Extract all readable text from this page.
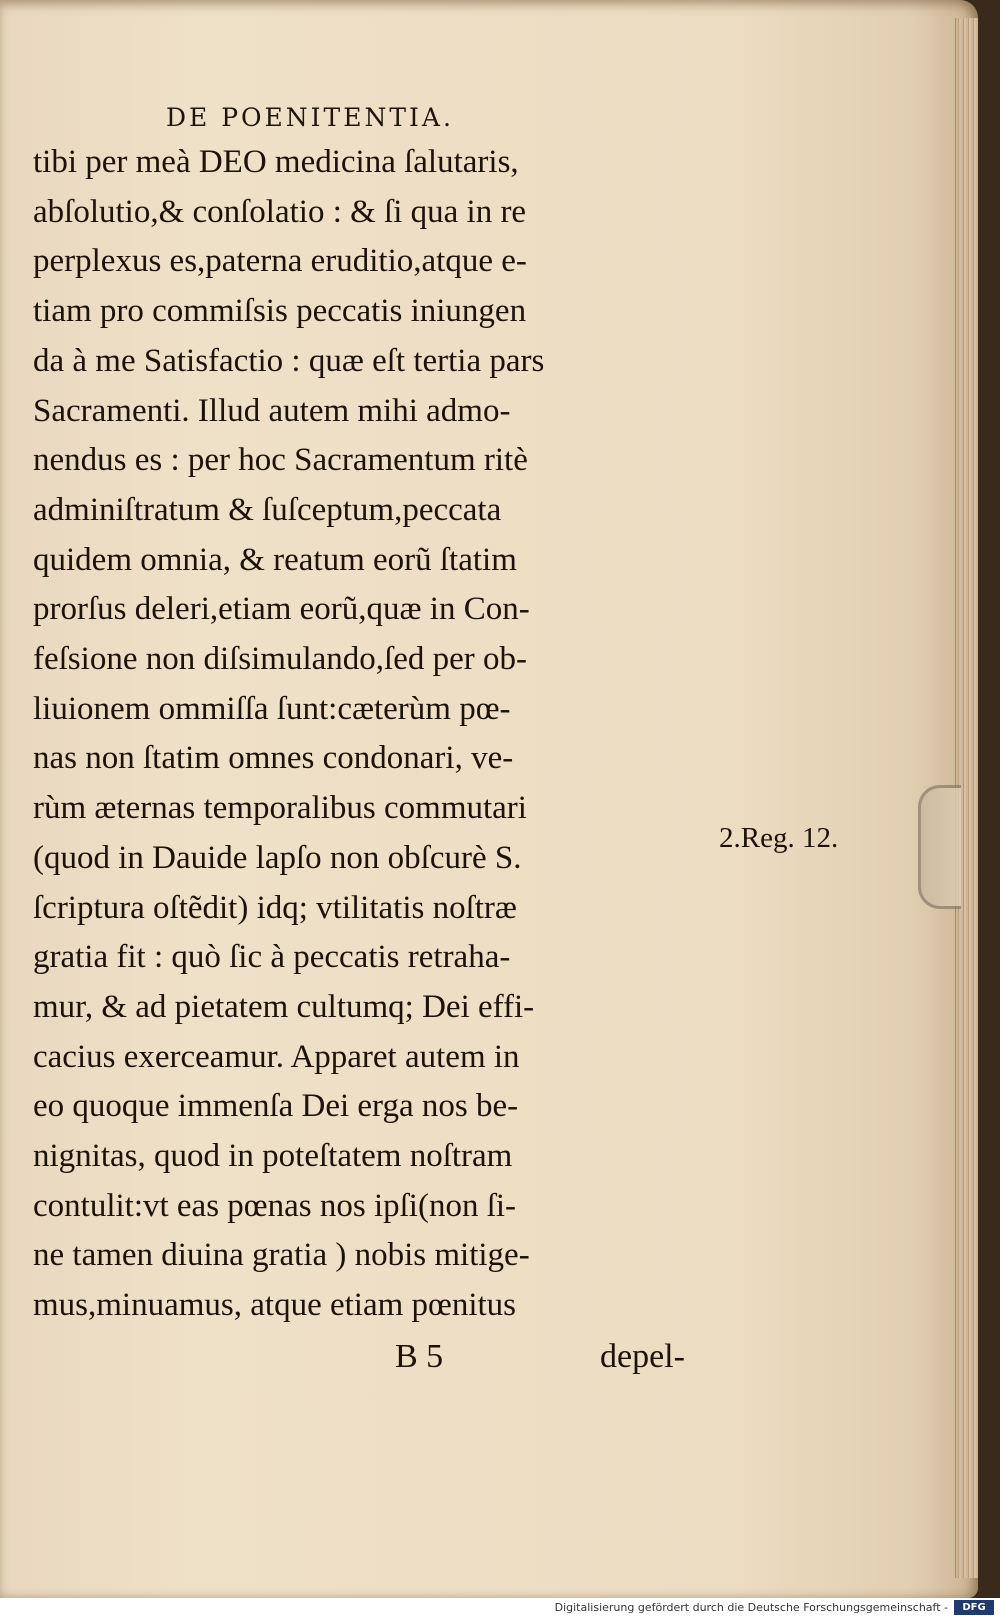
DE POENITENTIA.
tibi per meà DEO medicina ſalutaris,
abſolutio,& conſolatio : & ſi qua in re
perplexus es,paterna eruditio,atque e-
tiam pro commiſsis peccatis iniungen
da à me Satisfactio : quæ eſt tertia pars
Sacramenti. Illud autem mihi admo-
nendus es : per hoc Sacramentum ritè
adminiſtratum & ſuſceptum,peccata
quidem omnia, & reatum eorũ ſtatim
prorſus deleri,etiam eorũ,quæ in Con-
feſsione non diſsimulando,ſed per ob-
liuionem ommiſſa ſunt:cæterùm pœ-
nas non ſtatim omnes condonari, ve-
rùm æternas temporalibus commutari
(quod in Dauide lapſo non obſcurè S.
ſcriptura oſtẽdit) idq; vtilitatis noſtræ
gratia fit : quò ſic à peccatis retraha-
mur, & ad pietatem cultumq; Dei effi-
cacius exerceamur. Apparet autem in
eo quoque immenſa Dei erga nos be-
nignitas, quod in poteſtatem noſtram
contulit:vt eas pœnas nos ipſi(non ſi-
ne tamen diuina gratia ) nobis mitige-
mus,minuamus, atque etiam pœnitus
2.Reg. 12.
B 5	depel-
Digitalisierung gefördert durch die Deutsche Forschungsgemeinschaft -	DFG
